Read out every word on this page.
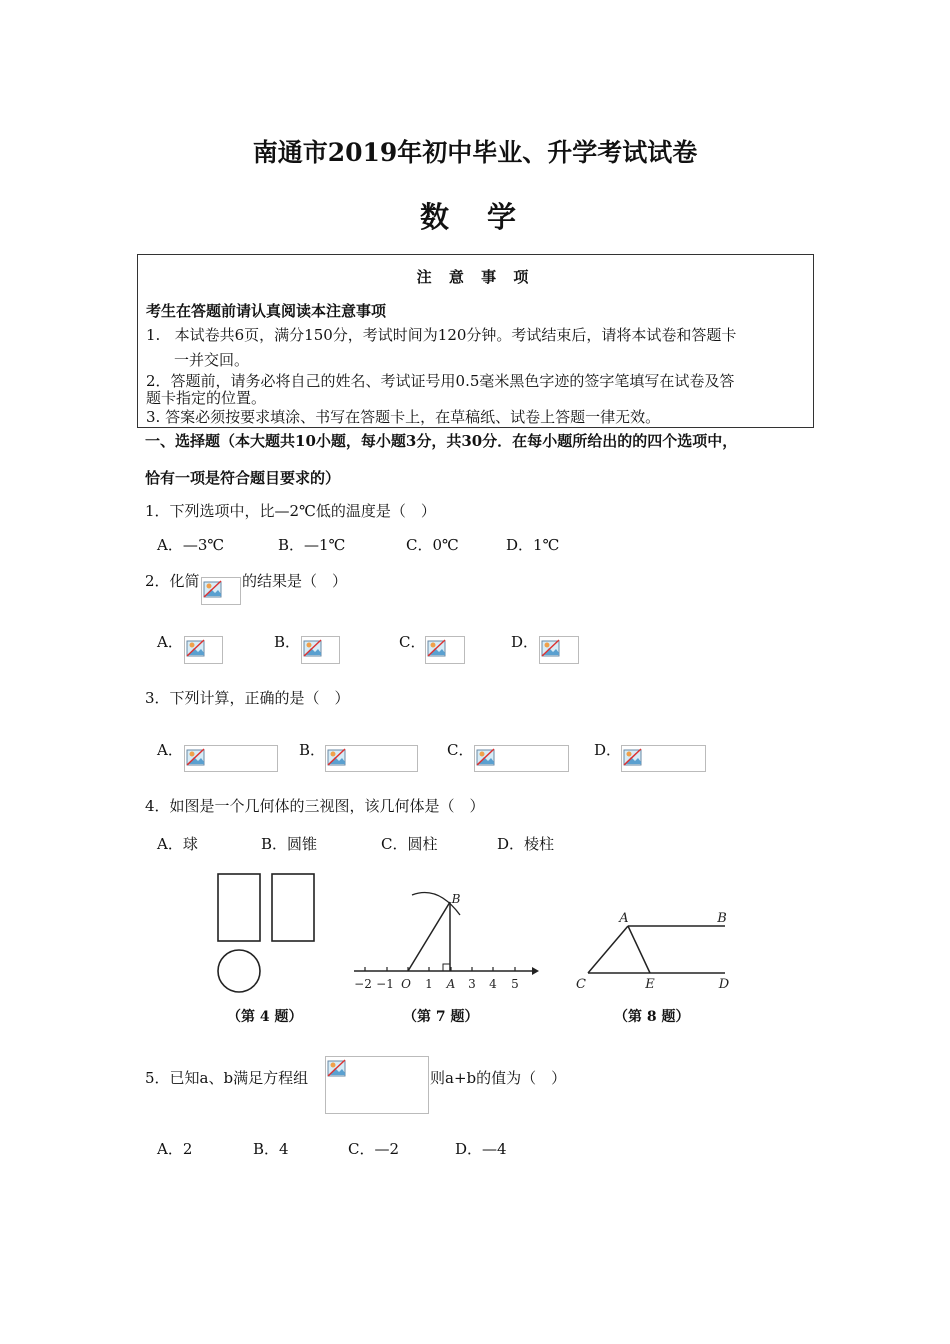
南通市2019年初中毕业、升学考试试卷
数 学
注 意 事 项
考生在答题前请认真阅读本注意事项
1.   本试卷共6页，满分150分，考试时间为120分钟。考试结束后，请将本试卷和答题卡
一并交回。
2．答题前，请务必将自己的姓名、考试证号用0.5毫米黑色字迹的签字笔填写在试卷及答
题卡指定的位置。
3. 答案必须按要求填涂、书写在答题卡上，在草稿纸、试卷上答题一律无效。
一、选择题（本大题共10小题，每小题3分，共30分．在每小题所给出的的四个选项中，
恰有一项是符合题目要求的）
1．下列选项中，比—2℃低的温度是（　）
A．—3℃	B．—1℃	C．0℃	D．1℃
2．化简	的结果是（　）
A．	B．	C．	D．
3．下列计算，正确的是（　）
A．	B．	C．	D．
4．如图是一个几何体的三视图，该几何体是（　）
A．球	B．圆锥	C．圆柱	D．棱柱
（第 4 题）
−2 −1 O 1 A 3 4 5
B
（第 7 题）
A	B
C	E	D
（第 8 题）
5．已知a、b满足方程组	则a+b的值为（　）
A．2	B．4	C．—2	D．—4
